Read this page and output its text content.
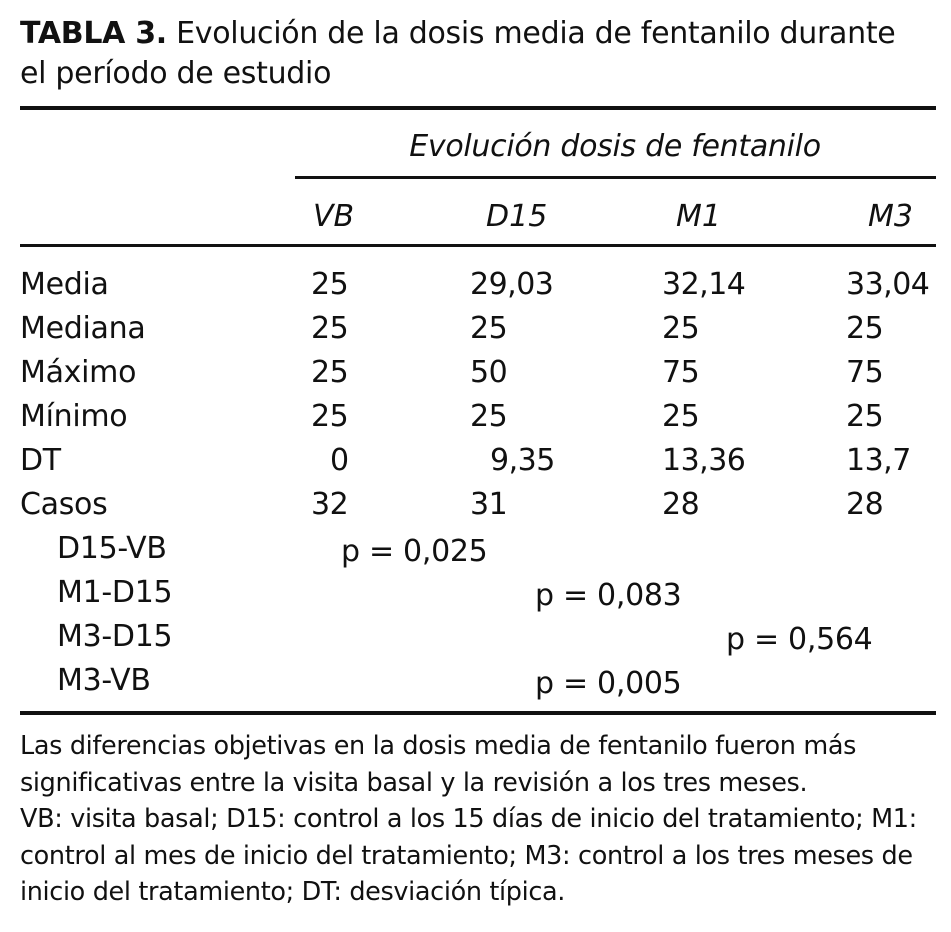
TABLA 3. Evolución de la dosis media de fentanilo durante el período de estudio
Evolución dosis de fentanilo
VB	D15	M1	M3
Media	25	29,03	32,14	33,04
Mediana	25	25	25	25
Máximo	25	50	75	75
Mínimo	25	25	25	25
DT	0	9,35	13,36	13,7
Casos	32	31	28	28
D15-VB	p = 0,025
M1-D15	p = 0,083
M3-D15	p = 0,564
M3-VB	p = 0,005

Las diferencias objetivas en la dosis media de fentanilo fueron más significativas entre la visita basal y la revisión a los tres meses.

VB: visita basal; D15: control a los 15 días de inicio del tratamiento; M1: control al mes de inicio del tratamiento; M3: control a los tres meses de inicio del tratamiento; DT: desviación típica.
